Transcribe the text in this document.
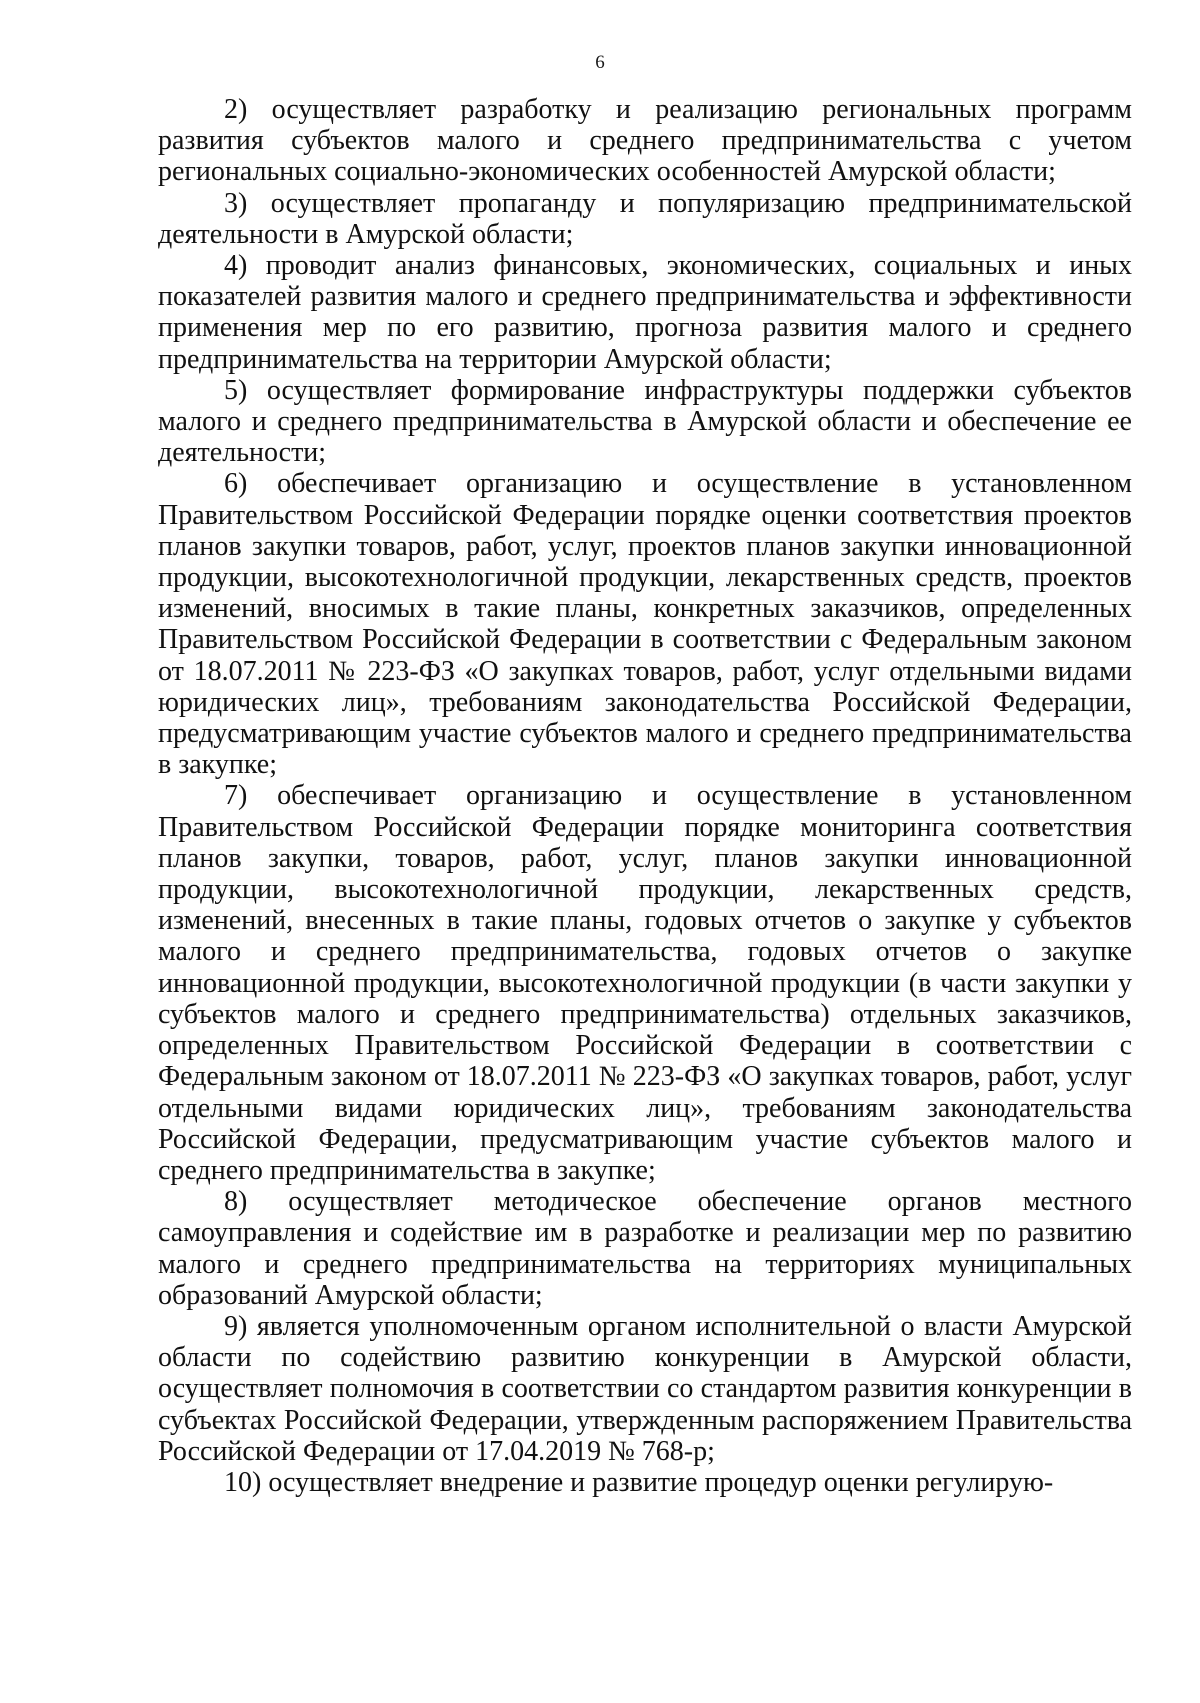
6

2) осуществляет разработку и реализацию региональных программ развития субъектов малого и среднего предпринимательства с учетом региональных социально-экономических особенностей Амурской области;

3) осуществляет пропаганду и популяризацию предпринимательской деятельности в Амурской области;

4) проводит анализ финансовых, экономических, социальных и иных показателей развития малого и среднего предпринимательства и эффективности применения мер по его развитию, прогноза развития малого и среднего предпринимательства на территории Амурской области;

5) осуществляет формирование инфраструктуры поддержки субъектов малого и среднего предпринимательства в Амурской области и обеспечение ее деятельности;

6) обеспечивает организацию и осуществление в установленном Правительством Российской Федерации порядке оценки соответствия проектов планов закупки товаров, работ, услуг, проектов планов закупки инновационной продукции, высокотехнологичной продукции, лекарственных средств, проектов изменений, вносимых в такие планы, конкретных заказчиков, определенных Правительством Российской Федерации в соответствии с Федеральным законом от 18.07.2011 № 223-ФЗ «О закупках товаров, работ, услуг отдельными видами юридических лиц», требованиям законодательства Российской Федерации, предусматривающим участие субъектов малого и среднего предпринимательства в закупке;

7) обеспечивает организацию и осуществление в установленном Правительством Российской Федерации порядке мониторинга соответствия планов закупки, товаров, работ, услуг, планов закупки инновационной продукции, высокотехнологичной продукции, лекарственных средств, изменений, внесенных в такие планы, годовых отчетов о закупке у субъектов малого и среднего предпринимательства, годовых отчетов о закупке инновационной продукции, высокотехнологичной продукции (в части закупки у субъектов малого и среднего предпринимательства) отдельных заказчиков, определенных Правительством Российской Федерации в соответствии с Федеральным законом от 18.07.2011 № 223-ФЗ «О закупках товаров, работ, услуг отдельными видами юридических лиц», требованиям законодательства Российской Федерации, предусматривающим участие субъектов малого и среднего предпринимательства в закупке;

8) осуществляет методическое обеспечение органов местного самоуправления и содействие им в разработке и реализации мер по развитию малого и среднего предпринимательства на территориях муниципальных образований Амурской области;

9) является уполномоченным органом исполнительной о власти Амурской области по содействию развитию конкуренции в Амурской области, осуществляет полномочия в соответствии со стандартом развития конкуренции в субъектах Российской Федерации, утвержденным распоряжением Правительства Российской Федерации от 17.04.2019 № 768-р;

10) осуществляет внедрение и развитие процедур оценки регулирую-
